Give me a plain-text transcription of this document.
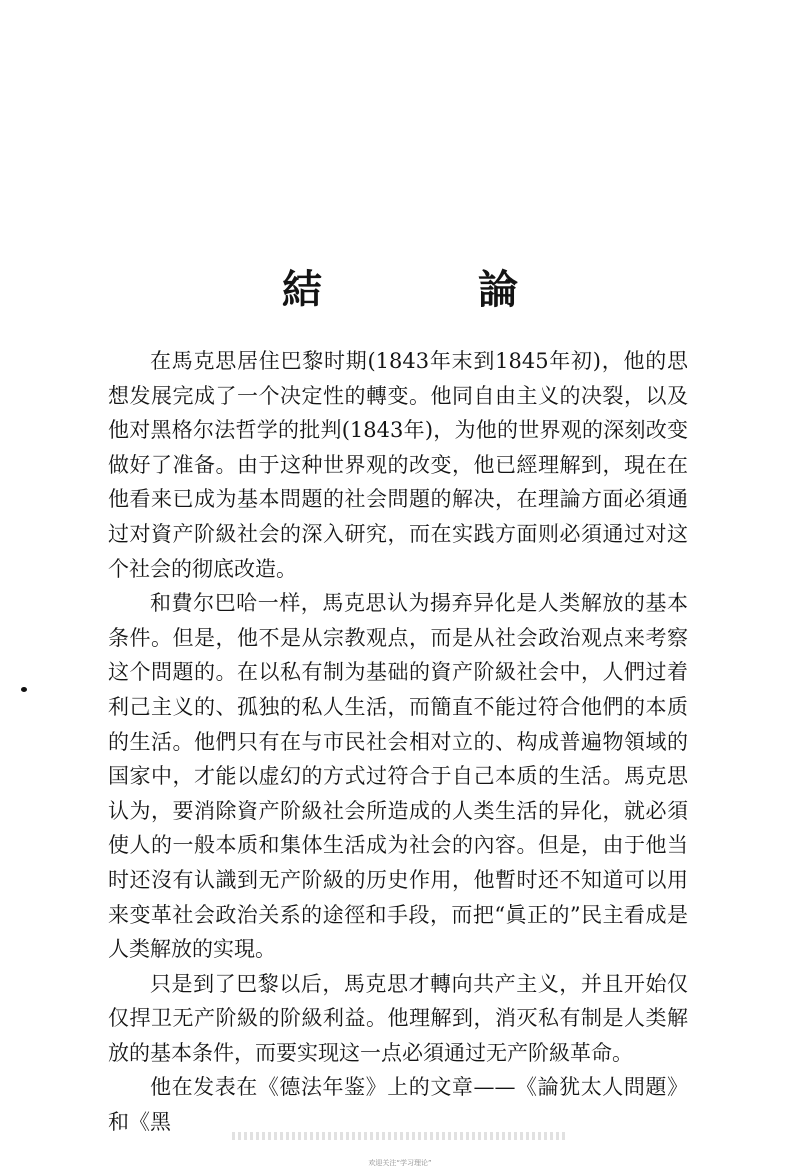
結　論

在馬克思居住巴黎时期(1843年末到1845年初)，他的思想发展完成了一个决定性的轉变。他同自由主义的决裂，以及他对黑格尔法哲学的批判(1843年)，为他的世界观的深刻改变做好了准备。由于这种世界观的改变，他已經理解到，現在在他看来已成为基本問題的社会問題的解决，在理論方面必須通过对資产阶級社会的深入研究，而在实践方面则必須通过对这个社会的彻底改造。

和費尔巴哈一样，馬克思认为揚弃异化是人类解放的基本条件。但是，他不是从宗教观点，而是从社会政治观点来考察这个問題的。在以私有制为基础的資产阶級社会中，人們过着利己主义的、孤独的私人生活，而簡直不能过符合他們的本质的生活。他們只有在与市民社会相对立的、构成普遍物領域的国家中，才能以虚幻的方式过符合于自己本质的生活。馬克思认为，要消除資产阶級社会所造成的人类生活的异化，就必須使人的一般本质和集体生活成为社会的內容。但是，由于他当时还沒有认識到无产阶級的历史作用，他暫时还不知道可以用来变革社会政治关系的途徑和手段，而把“眞正的”民主看成是人类解放的实現。

只是到了巴黎以后，馬克思才轉向共产主义，并且开始仅仅捍卫无产阶級的阶級利益。他理解到，消灭私有制是人类解放的基本条件，而要实现这一点必須通过无产阶級革命。

他在发表在《德法年鉴》上的文章——《論犹太人問題》和《黑

欢迎关注“学习理论”
